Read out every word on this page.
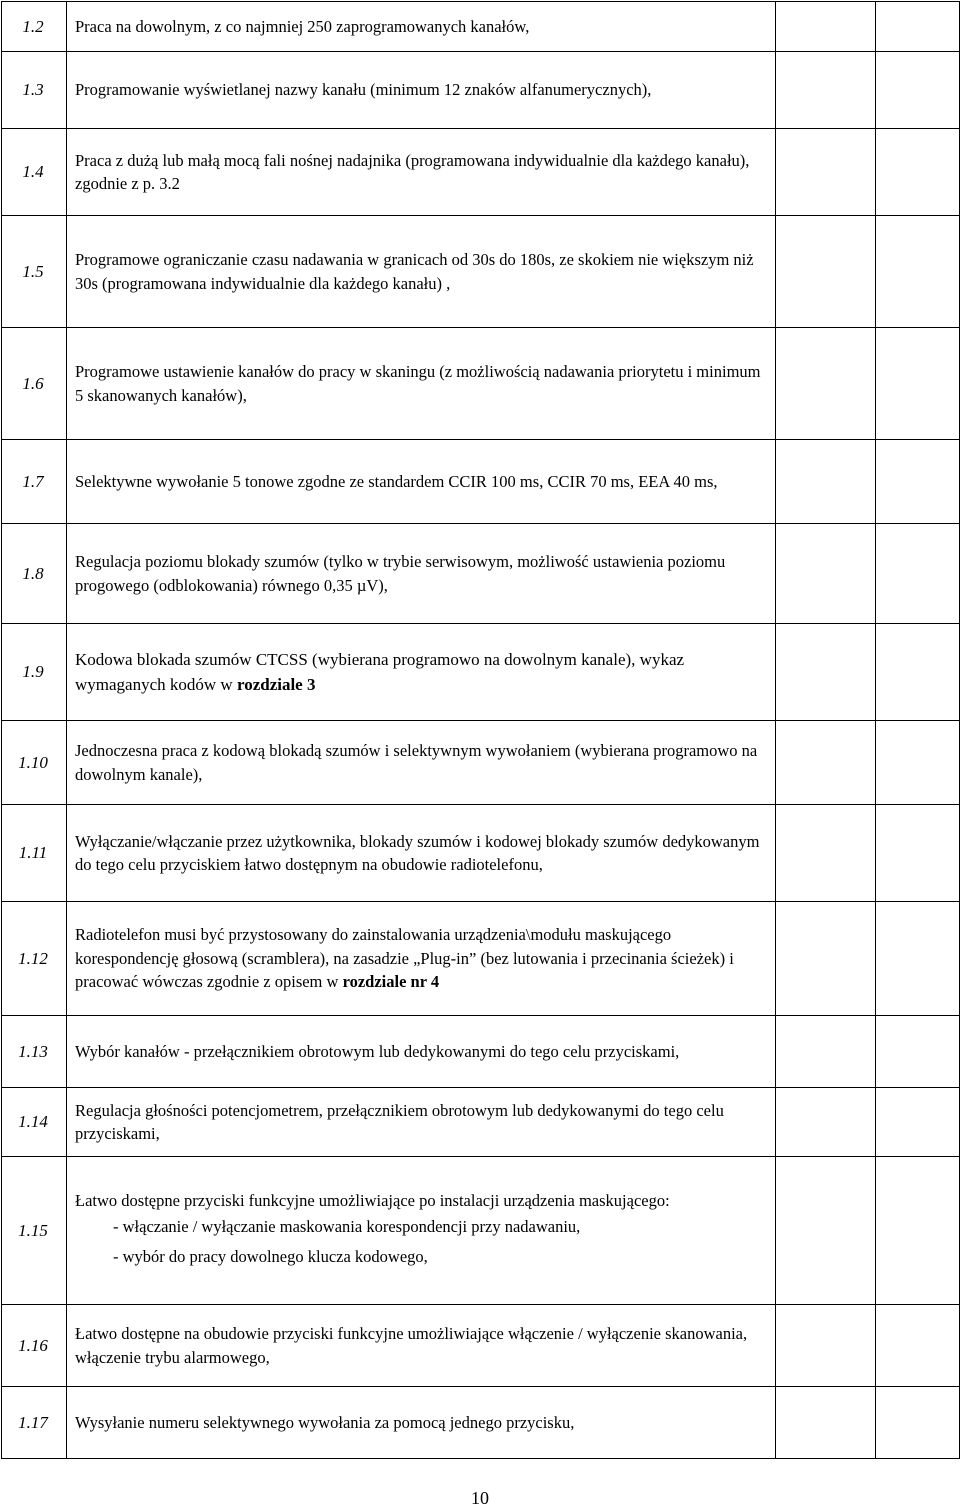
1.2	Praca na dowolnym, z co najmniej 250 zaprogramowanych kanałów,		
1.3	Programowanie wyświetlanej nazwy kanału (minimum 12 znaków alfanumerycznych),		
1.4	Praca z dużą lub małą mocą fali nośnej nadajnika (programowana indywidualnie dla każdego kanału), zgodnie z p. 3.2		
1.5	Programowe ograniczanie czasu nadawania w granicach od 30s do 180s, ze skokiem nie większym niż 30s (programowana indywidualnie dla każdego kanału) ,		
1.6	Programowe ustawienie kanałów do pracy w skaningu (z możliwością nadawania priorytetu i minimum 5 skanowanych kanałów),		
1.7	Selektywne wywołanie 5 tonowe zgodne ze standardem CCIR 100 ms, CCIR 70 ms, EEA 40 ms,		
1.8	Regulacja poziomu blokady szumów (tylko w trybie serwisowym, możliwość ustawienia poziomu progowego (odblokowania) równego 0,35 µV),		
1.9	Kodowa blokada szumów CTCSS (wybierana programowo na dowolnym kanale), wykaz wymaganych kodów w rozdziale 3		
1.10	Jednoczesna praca z kodową blokadą szumów i selektywnym wywołaniem (wybierana programowo na dowolnym kanale),		
1.11	Wyłączanie/włączanie przez użytkownika, blokady szumów i kodowej blokady szumów dedykowanym do tego celu przyciskiem łatwo dostępnym na obudowie radiotelefonu,		
1.12	Radiotelefon musi być przystosowany do zainstalowania urządzenia\modułu maskującego korespondencję głosową (scramblera), na zasadzie „Plug-in” (bez lutowania i przecinania ścieżek) i pracować wówczas zgodnie z opisem w rozdziale nr 4		
1.13	Wybór kanałów - przełącznikiem obrotowym lub dedykowanymi do tego celu przyciskami,		
1.14	Regulacja głośności potencjometrem, przełącznikiem obrotowym lub dedykowanymi do tego celu przyciskami,		
1.15	Łatwo dostępne przyciski funkcyjne umożliwiające po instalacji urządzenia maskującego:
- włączanie / wyłączanie maskowania korespondencji przy nadawaniu,
- wybór do pracy dowolnego klucza kodowego,		

1.16	Łatwo dostępne na obudowie przyciski funkcyjne umożliwiające włączenie / wyłączenie skanowania, włączenie trybu alarmowego,		
1.17	Wysyłanie numeru selektywnego wywołania za pomocą jednego przycisku,		
10
